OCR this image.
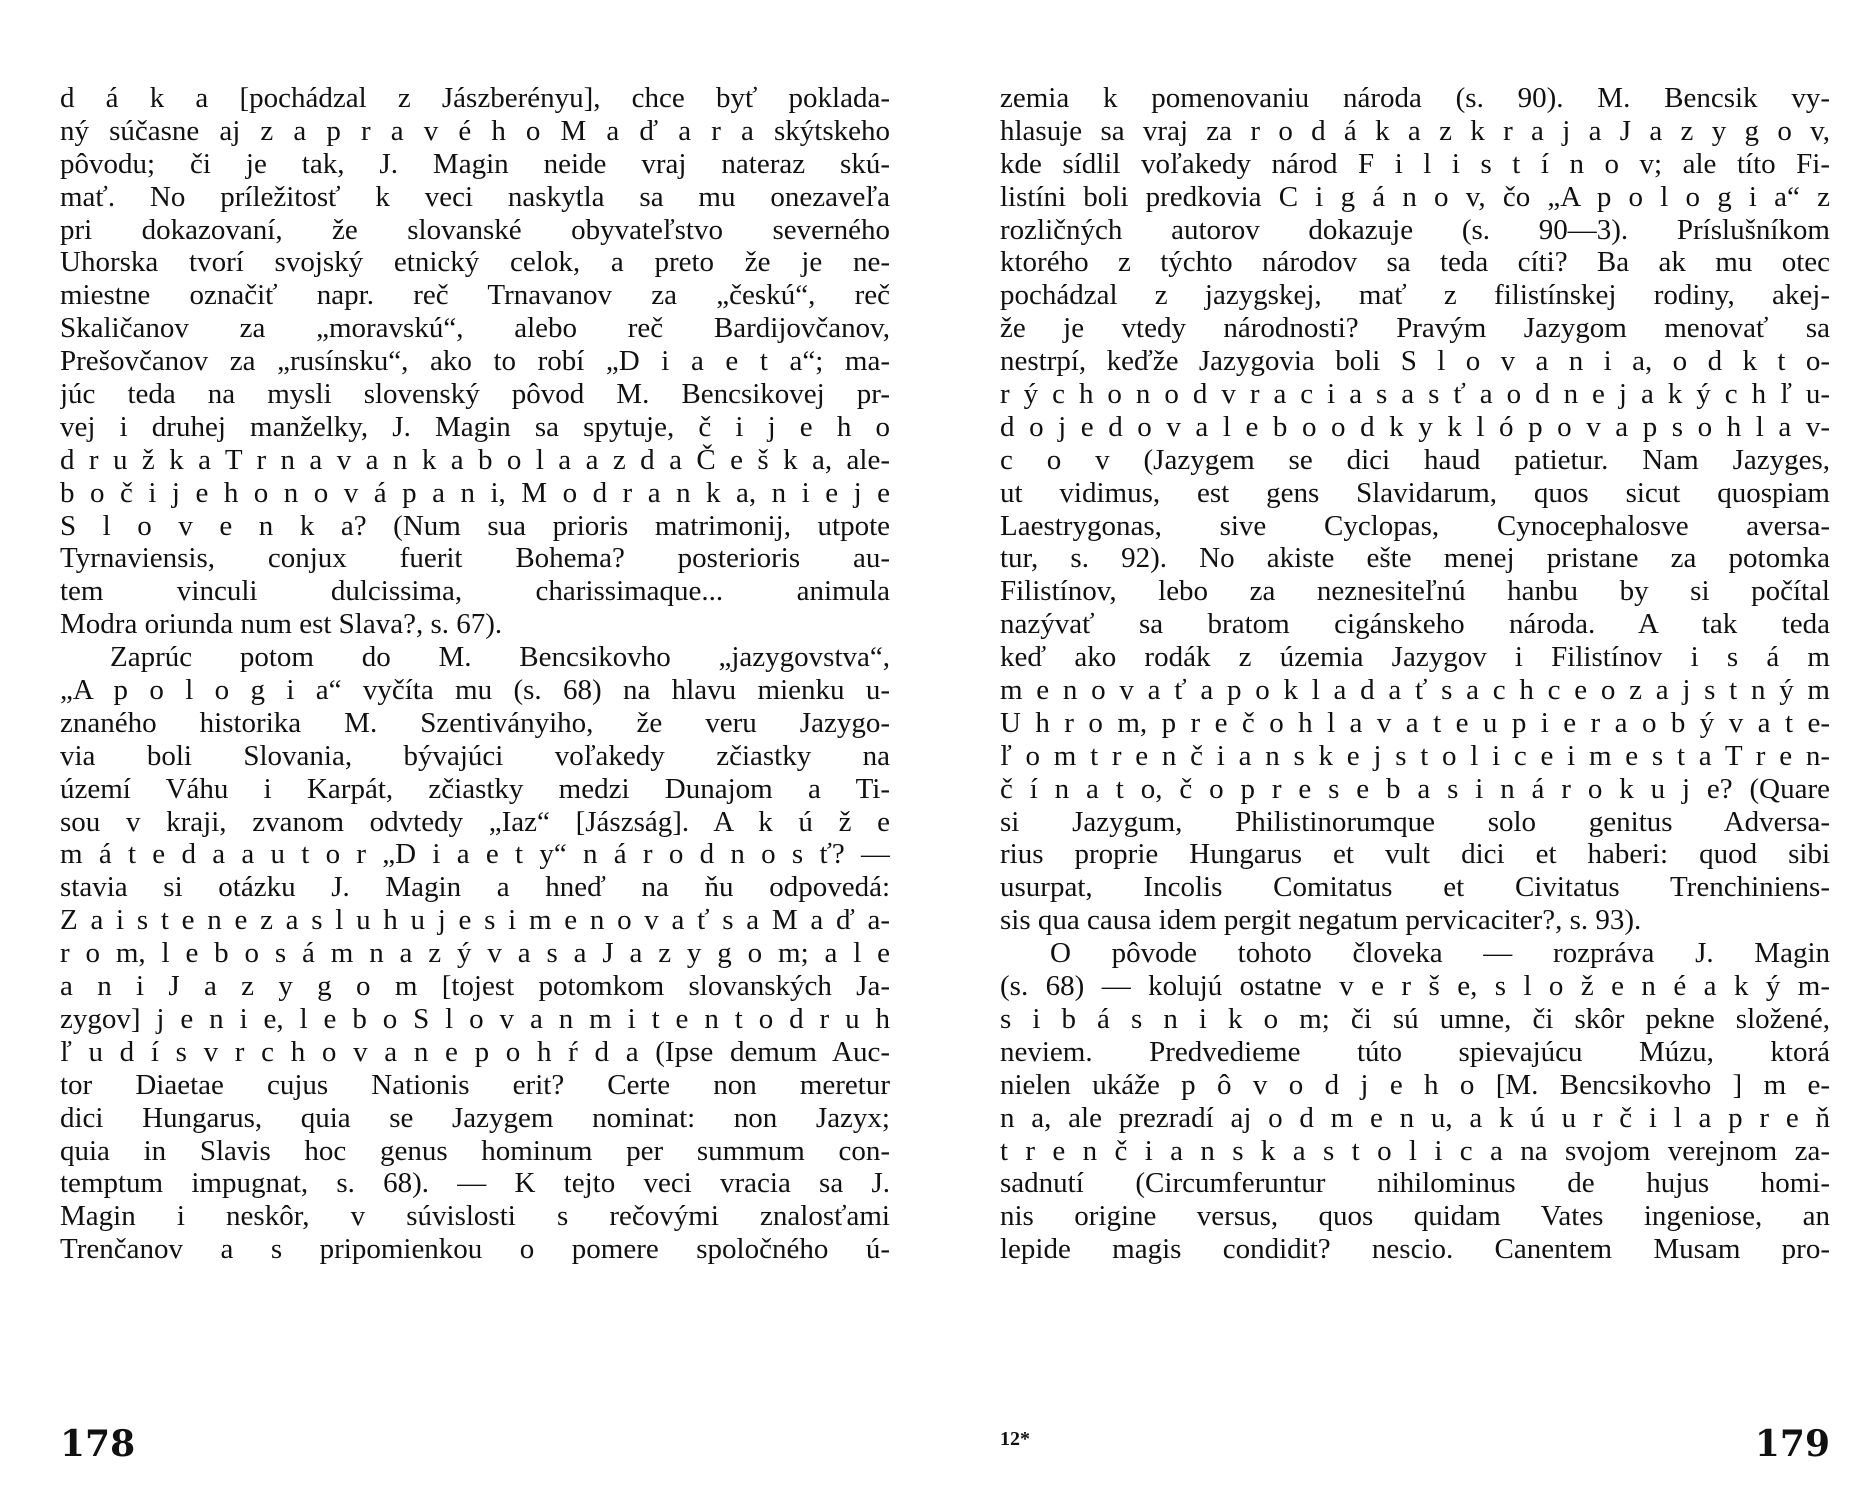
d á k a [pochádzal z Jászberényu], chce byť poklada-
ný súčasne aj z a p r a v é h o M a ď a r a skýtskeho
pôvodu; či je tak, J. Magin neide vraj nateraz skú-
mať. No príležitosť k veci naskytla sa mu onezaveľa
pri dokazovaní, že slovanské obyvateľstvo severného
Uhorska tvorí svojský etnický celok, a preto že je ne-
miestne označiť napr. reč Trnavanov za „českú“, reč
Skaličanov za „moravskú“, alebo reč Bardijovčanov,
Prešovčanov za „rusínsku“, ako to robí „D i a e t a“; ma-
júc teda na mysli slovenský pôvod M. Bencsikovej pr-
vej i druhej manželky, J. Magin sa spytuje, č i j e h o
d r u ž k a T r n a v a n k a b o l a a z d a Č e š k a, ale-
b o č i j e h o n o v á p a n i, M o d r a n k a, n i e j e
S l o v e n k a? (Num sua prioris matrimonij, utpote
Tyrnaviensis, conjux fuerit Bohema? posterioris au-
tem vinculi dulcissima, charissimaque... animula
Modra oriunda num est Slava?, s. 67).
Zaprúc potom do M. Bencsikovho „jazygovstva“,
„A p o l o g i a“ vyčíta mu (s. 68) na hlavu mienku u-
znaného historika M. Szentiványiho, že veru Jazygo-
via boli Slovania, bývajúci voľakedy zčiastky na
území Váhu i Karpát, zčiastky medzi Dunajom a Ti-
sou v kraji, zvanom odvtedy „Iaz“ [Jászság]. A k ú ž e
m á t e d a a u t o r „D i a e t y“ n á r o d n o s ť? —
stavia si otázku J. Magin a hneď na ňu odpovedá:
Z a i s t e n e z a s l u h u j e s i m e n o v a ť s a M a ď a-
r o m, l e b o s á m n a z ý v a s a J a z y g o m; a l e
a n i J a z y g o m [tojest potomkom slovanských Ja-
zygov] j e n i e, l e b o S l o v a n m i t e n t o d r u h
ľ u d í s v r c h o v a n e p o h ŕ d a (Ipse demum Auc-
tor Diaetae cujus Nationis erit? Certe non meretur
dici Hungarus, quia se Jazygem nominat: non Jazyx;
quia in Slavis hoc genus hominum per summum con-
temptum impugnat, s. 68). — K tejto veci vracia sa J.
Magin i neskôr, v súvislosti s rečovými znalosťami
Trenčanov a s pripomienkou o pomere spoločného ú-
178
zemia k pomenovaniu národa (s. 90). M. Bencsik vy-
hlasuje sa vraj za r o d á k a z k r a j a J a z y g o v,
kde sídlil voľakedy národ F i l i s t í n o v; ale títo Fi-
listíni boli predkovia C i g á n o v, čo „A p o l o g i a“ z
rozličných autorov dokazuje (s. 90—3). Príslušníkom
ktorého z týchto národov sa teda cíti? Ba ak mu otec
pochádzal z jazygskej, mať z filistínskej rodiny, akej-
že je vtedy národnosti? Pravým Jazygom menovať sa
nestrpí, keďže Jazygovia boli S l o v a n i a, o d k t o-
r ý c h o n o d v r a c i a s a s ť a o d n e j a k ý c h ľ u-
d o j e d o v a l e b o o d k y k l ó p o v a p s o h l a v-
c o v (Jazygem se dici haud patietur. Nam Jazyges,
ut vidimus, est gens Slavidarum, quos sicut quospiam
Laestrygonas, sive Cyclopas, Cynocephalosve aversa-
tur, s. 92). No akiste ešte menej pristane za potomka
Filistínov, lebo za neznesiteľnú hanbu by si počítal
nazývať sa bratom cigánskeho národa. A tak teda
keď ako rodák z územia Jazygov i Filistínov i s á m
m e n o v a ť a p o k l a d a ť s a c h c e o z a j s t n ý m
U h r o m, p r e č o h l a v a t e u p i e r a o b ý v a t e-
ľ o m t r e n č i a n s k e j s t o l i c e i m e s t a T r e n-
č í n a t o, č o p r e s e b a s i n á r o k u j e? (Quare
si Jazygum, Philistinorumque solo genitus Adversa-
rius proprie Hungarus et vult dici et haberi: quod sibi
usurpat, Incolis Comitatus et Civitatus Trenchiniens-
sis qua causa idem pergit negatum pervicaciter?, s. 93).
O pôvode tohoto človeka — rozpráva J. Magin
(s. 68) — kolujú ostatne v e r š e, s l o ž e n é a k ý m-
s i b á s n i k o m; či sú umne, či skôr pekne složené,
neviem. Predvedieme túto spievajúcu Múzu, ktorá
nielen ukáže p ô v o d j e h o [M. Bencsikovho ] m e-
n a, ale prezradí aj o d m e n u, a k ú u r č i l a p r e ň
t r e n č i a n s k a s t o l i c a na svojom verejnom za-
sadnutí (Circumferuntur nihilominus de hujus homi-
nis origine versus, quos quidam Vates ingeniose, an
lepide magis condidit? nescio. Canentem Musam pro-
12*	179
